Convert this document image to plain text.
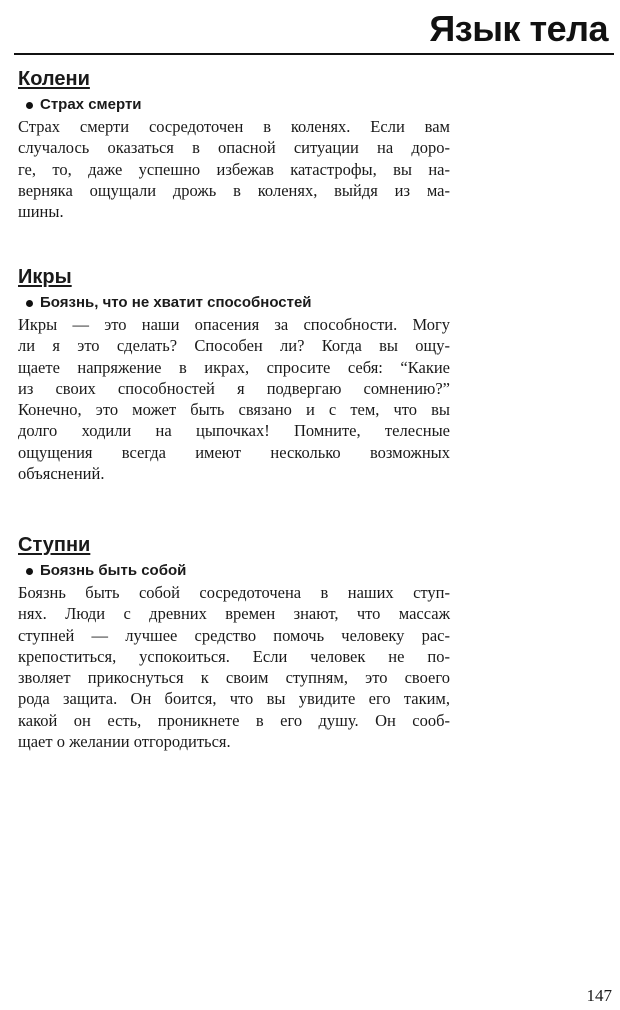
Язык тела
Колени
Страх смерти

Страх смерти сосредоточен в коленях. Если вам
случалось оказаться в опасной ситуации на доро-
ге, то, даже успешно избежав катастрофы, вы на-
верняка ощущали дрожь в коленях, выйдя из ма-
шины.

Икры
Боязнь, что не хватит способностей

Икры — это наши опасения за способности. Могу
ли я это сделать? Способен ли? Когда вы ощу-
щаете напряжение в икрах, спросите себя: “Какие
из своих способностей я подвергаю сомнению?”
Конечно, это может быть связано и с тем, что вы
долго ходили на цыпочках! Помните, телесные
ощущения всегда имеют несколько возможных
объяснений.

Ступни
Боязнь быть собой

Боязнь быть собой сосредоточена в наших ступ-
нях. Люди с древних времен знают, что массаж
ступней — лучшее средство помочь человеку рас-
крепоститься, успокоиться. Если человек не по-
зволяет прикоснуться к своим ступням, это своего
рода защита. Он боится, что вы увидите его таким,
какой он есть, проникнете в его душу. Он сооб-
щает о желании отгородиться.

147
